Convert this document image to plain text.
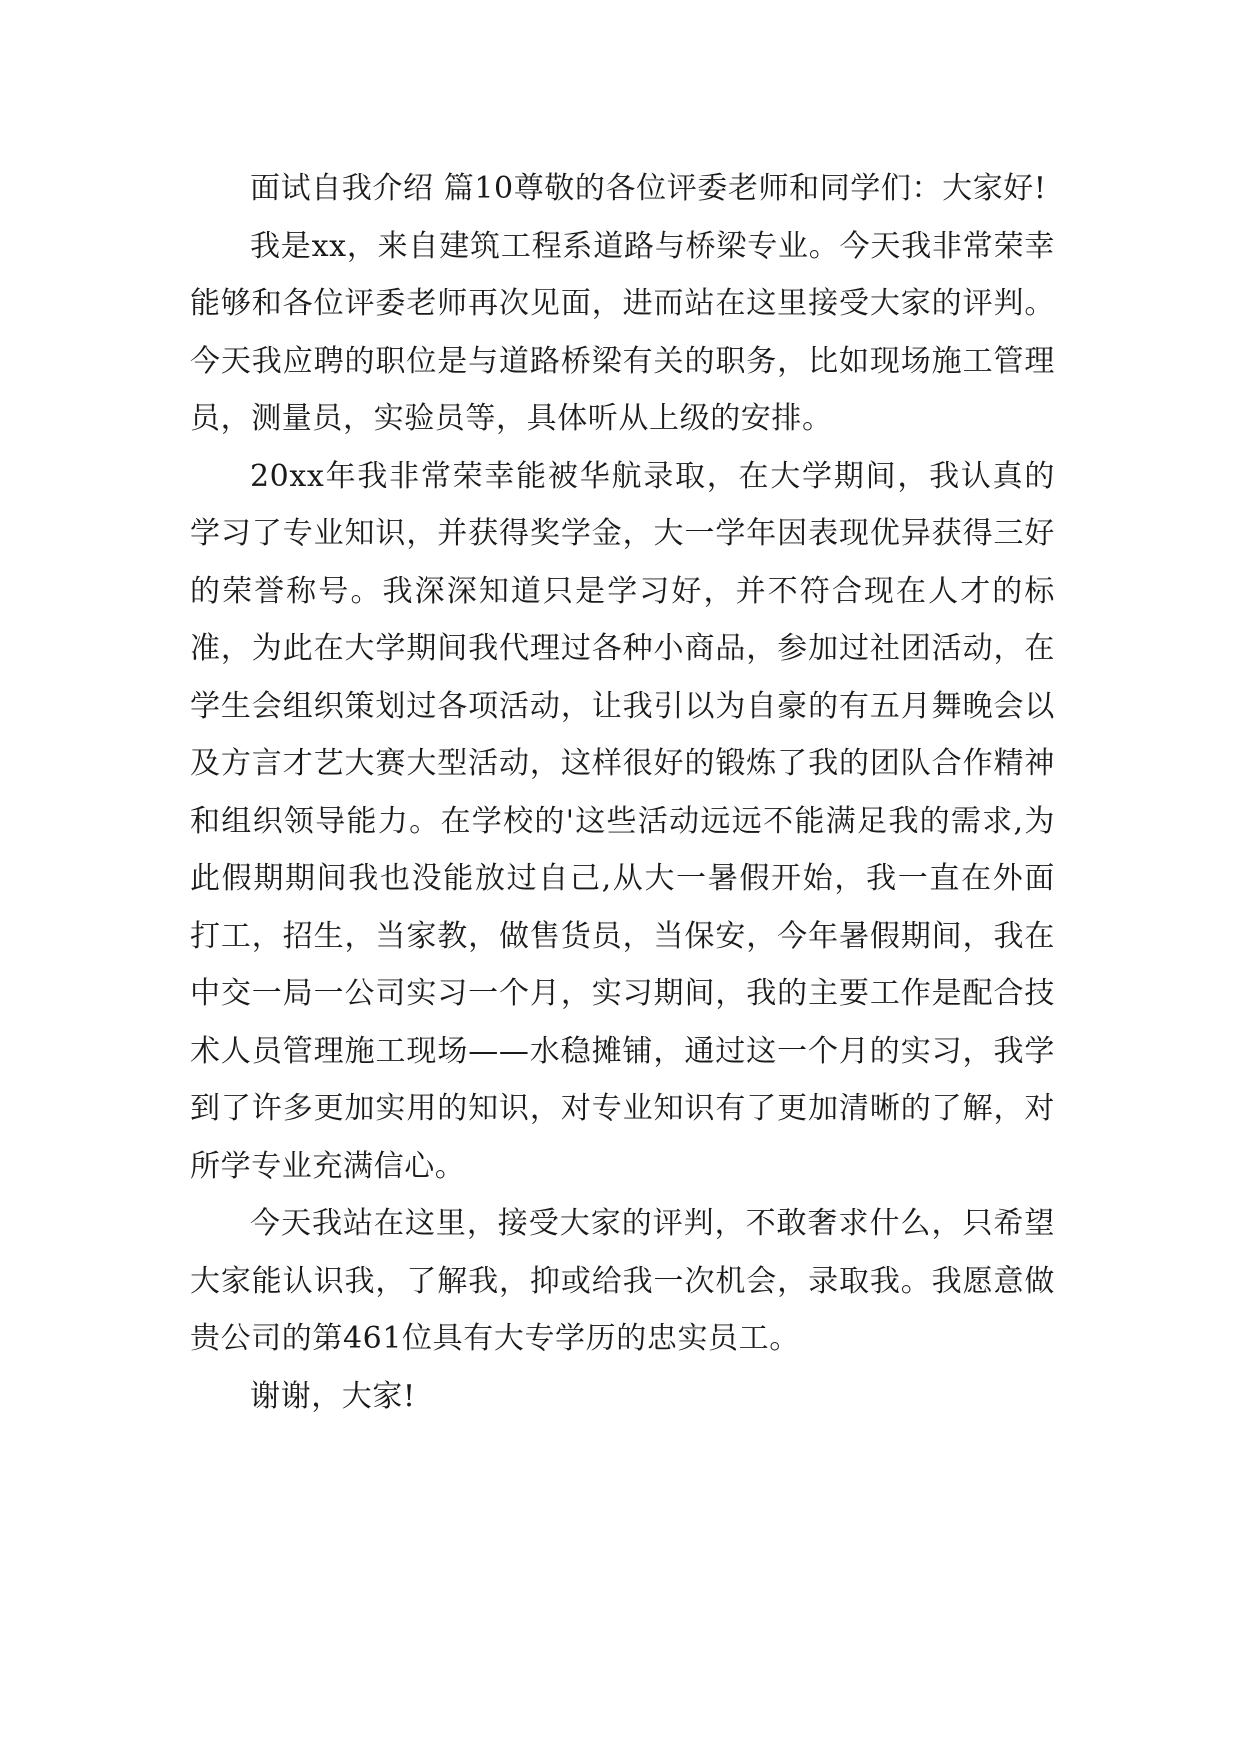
面试自我介绍 篇10尊敬的各位评委老师和同学们：大家好!

我是xx，来自建筑工程系道路与桥梁专业。今天我非常荣幸能够和各位评委老师再次见面，进而站在这里接受大家的评判。今天我应聘的职位是与道路桥梁有关的职务，比如现场施工管理员，测量员，实验员等，具体听从上级的安排。

20xx年我非常荣幸能被华航录取，在大学期间，我认真的学习了专业知识，并获得奖学金，大一学年因表现优异获得三好的荣誉称号。我深深知道只是学习好，并不符合现在人才的标准，为此在大学期间我代理过各种小商品，参加过社团活动，在学生会组织策划过各项活动，让我引以为自豪的有五月舞晚会以及方言才艺大赛大型活动，这样很好的锻炼了我的团队合作精神和组织领导能力。在学校的'这些活动远远不能满足我的需求,为此假期期间我也没能放过自己,从大一暑假开始，我一直在外面打工，招生，当家教，做售货员，当保安，今年暑假期间，我在中交一局一公司实习一个月，实习期间，我的主要工作是配合技术人员管理施工现场——水稳摊铺，通过这一个月的实习，我学到了许多更加实用的知识，对专业知识有了更加清晰的了解，对所学专业充满信心。

今天我站在这里，接受大家的评判，不敢奢求什么，只希望大家能认识我，了解我，抑或给我一次机会，录取我。我愿意做贵公司的第461位具有大专学历的忠实员工。

谢谢，大家!
